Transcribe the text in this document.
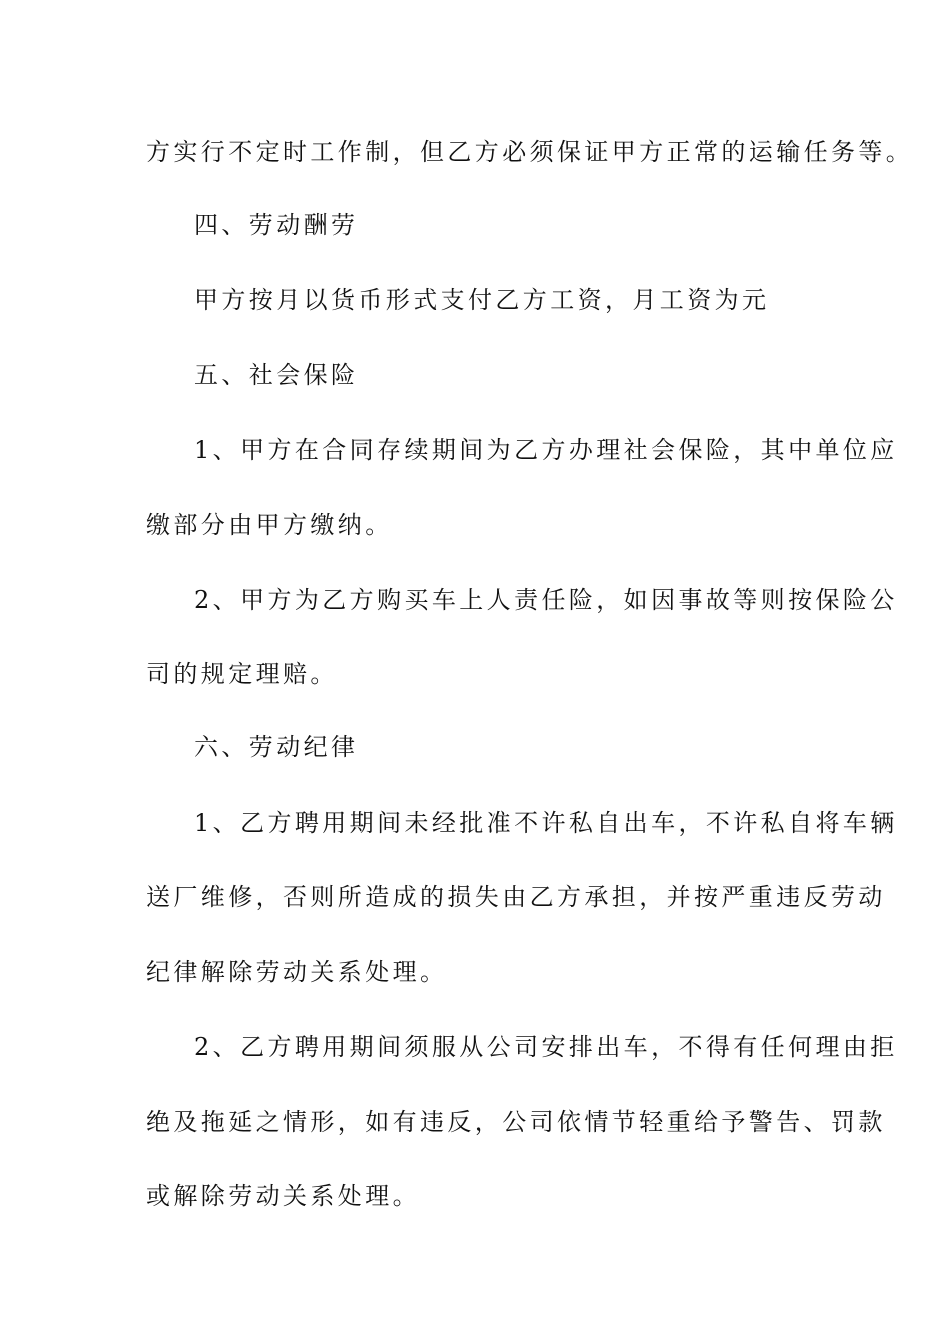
方实行不定时工作制，但乙方必须保证甲方正常的运输任务等。
四、劳动酬劳
甲方按月以货币形式支付乙方工资，月工资为元
五、社会保险
1、甲方在合同存续期间为乙方办理社会保险，其中单位应
缴部分由甲方缴纳。
2、甲方为乙方购买车上人责任险，如因事故等则按保险公
司的规定理赔。
六、劳动纪律
1、乙方聘用期间未经批准不许私自出车，不许私自将车辆
送厂维修，否则所造成的损失由乙方承担，并按严重违反劳动
纪律解除劳动关系处理。
2、乙方聘用期间须服从公司安排出车，不得有任何理由拒
绝及拖延之情形，如有违反，公司依情节轻重给予警告、罚款
或解除劳动关系处理。
